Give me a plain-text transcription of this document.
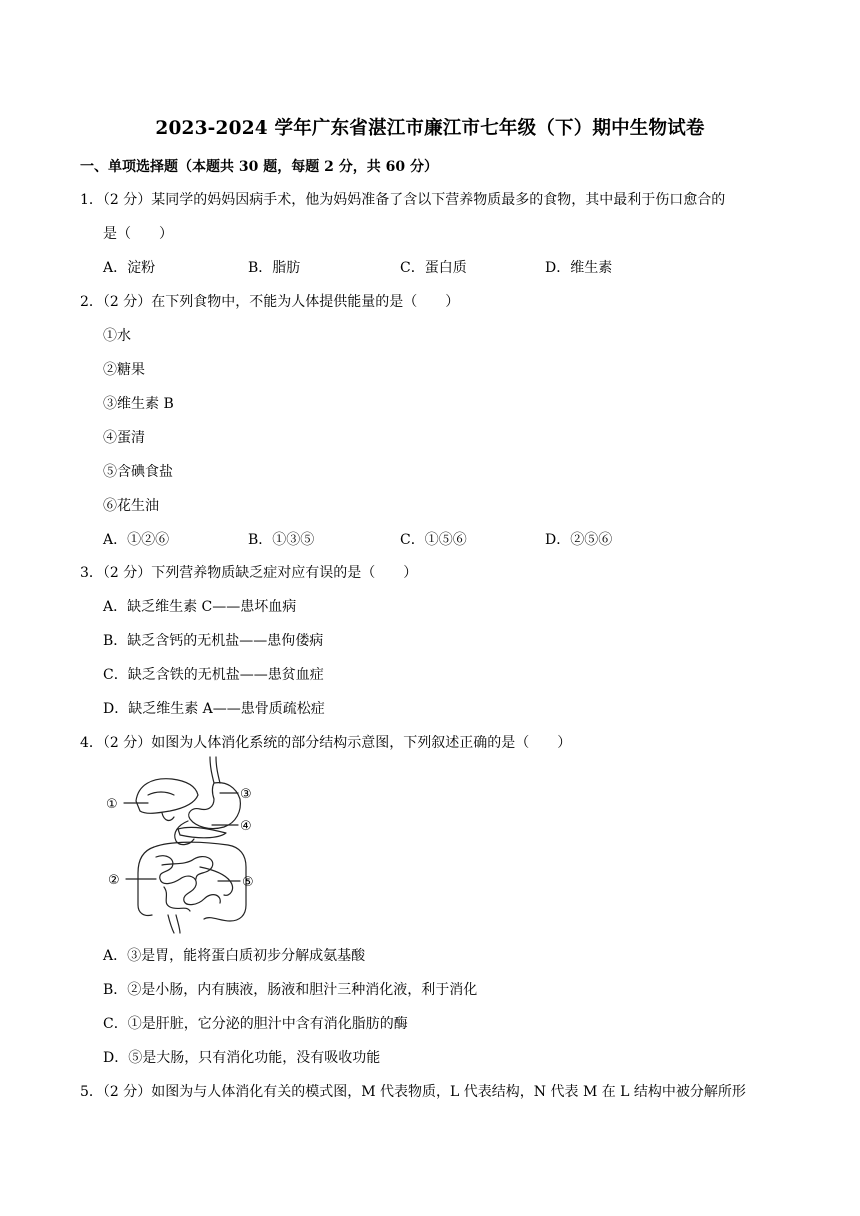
2023-2024 学年广东省湛江市廉江市七年级（下）期中生物试卷
一、单项选择题（本题共 30 题，每题 2 分，共 60 分）
1．（2 分）某同学的妈妈因病手术，他为妈妈准备了含以下营养物质最多的食物，其中最利于伤口愈合的
是（　　）
A．淀粉	B．脂肪	C．蛋白质	D．维生素
2．（2 分）在下列食物中，不能为人体提供能量的是（　　）
①水
②糖果
③维生素 B
④蛋清
⑤含碘食盐
⑥花生油
A．①②⑥	B．①③⑤	C．①⑤⑥	D．②⑤⑥
3．（2 分）下列营养物质缺乏症对应有误的是（　　）
A．缺乏维生素 C——患坏血病
B．缺乏含钙的无机盐——患佝偻病
C．缺乏含铁的无机盐——患贫血症
D．缺乏维生素 A——患骨质疏松症
4．（2 分）如图为人体消化系统的部分结构示意图，下列叙述正确的是（　　）
①
②
③
④
⑤
A．③是胃，能将蛋白质初步分解成氨基酸
B．②是小肠，内有胰液，肠液和胆汁三种消化液，利于消化
C．①是肝脏，它分泌的胆汁中含有消化脂肪的酶
D．⑤是大肠，只有消化功能，没有吸收功能
5．（2 分）如图为与人体消化有关的模式图，M 代表物质，L 代表结构，N 代表 M 在 L 结构中被分解所形
